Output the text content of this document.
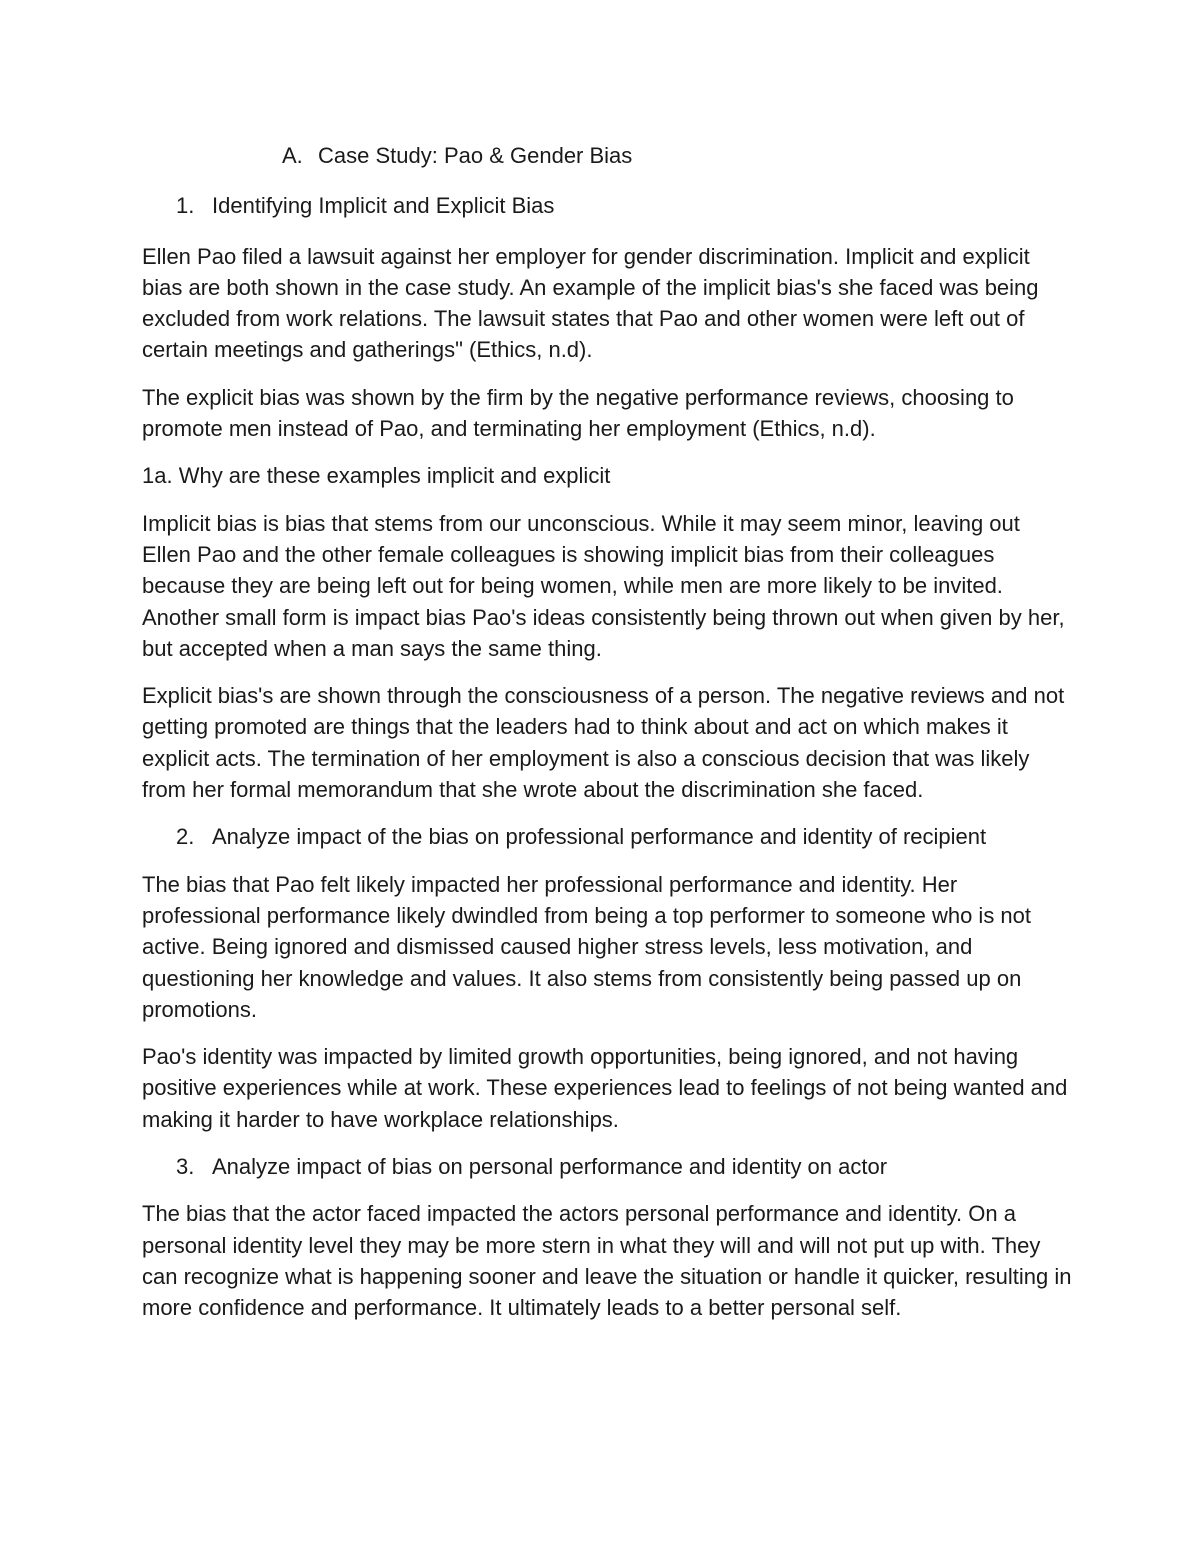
A. Case Study: Pao & Gender Bias
1. Identifying Implicit and Explicit Bias

Ellen Pao filed a lawsuit against her employer for gender discrimination. Implicit and explicit bias are both shown in the case study. An example of the implicit bias's she faced was being excluded from work relations. The lawsuit states that Pao and other women were left out of certain meetings and gatherings" (Ethics, n.d).

The explicit bias was shown by the firm by the negative performance reviews, choosing to promote men instead of Pao, and terminating her employment (Ethics, n.d).

1a. Why are these examples implicit and explicit

Implicit bias is bias that stems from our unconscious. While it may seem minor, leaving out Ellen Pao and the other female colleagues is showing implicit bias from their colleagues because they are being left out for being women, while men are more likely to be invited. Another small form is impact bias Pao's ideas consistently being thrown out when given by her, but accepted when a man says the same thing.

Explicit bias's are shown through the consciousness of a person. The negative reviews and not getting promoted are things that the leaders had to think about and act on which makes it explicit acts. The termination of her employment is also a conscious decision that was likely from her formal memorandum that she wrote about the discrimination she faced.

2. Analyze impact of the bias on professional performance and identity of recipient

The bias that Pao felt likely impacted her professional performance and identity. Her professional performance likely dwindled from being a top performer to someone who is not active. Being ignored and dismissed caused higher stress levels, less motivation, and questioning her knowledge and values. It also stems from consistently being passed up on promotions.

Pao's identity was impacted by limited growth opportunities, being ignored, and not having positive experiences while at work. These experiences lead to feelings of not being wanted and making it harder to have workplace relationships.

3. Analyze impact of bias on personal performance and identity on actor

The bias that the actor faced impacted the actors personal performance and identity. On a personal identity level they may be more stern in what they will and will not put up with. They can recognize what is happening sooner and leave the situation or handle it quicker, resulting in more confidence and performance. It ultimately leads to a better personal self.
